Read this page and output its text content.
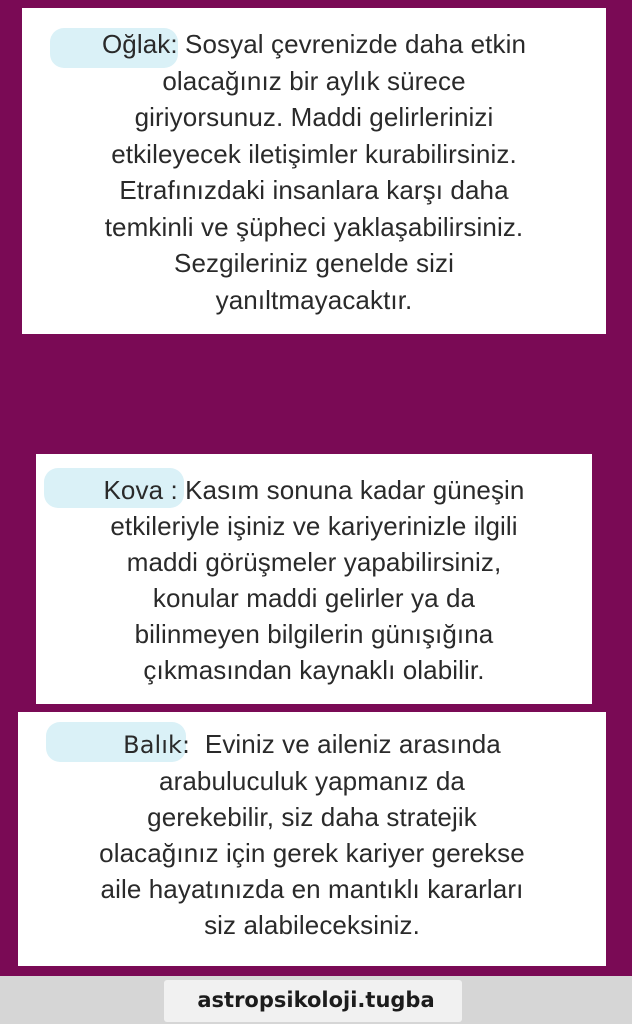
Oğlak: Sosyal çevrenizde daha etkin
olacağınız bir aylık sürece
giriyorsunuz. Maddi gelirlerinizi
etkileyecek iletişimler kurabilirsiniz.
Etrafınızdaki insanlara karşı daha
temkinli ve şüpheci yaklaşabilirsiniz.
Sezgileriniz genelde sizi
yanıltmayacaktır.

Kova : Kasım sonuna kadar güneşin
etkileriyle işiniz ve kariyerinizle ilgili
maddi görüşmeler yapabilirsiniz,
konular maddi gelirler ya da
bilinmeyen bilgilerin günışığına
çıkmasından kaynaklı olabilir.

Balık:  Eviniz ve aileniz arasında
arabuluculuk yapmanız da
gerekebilir, siz daha stratejik
olacağınız için gerek kariyer gerekse
aile hayatınızda en mantıklı kararları
siz alabileceksiniz.

astropsikoloji.tugba
